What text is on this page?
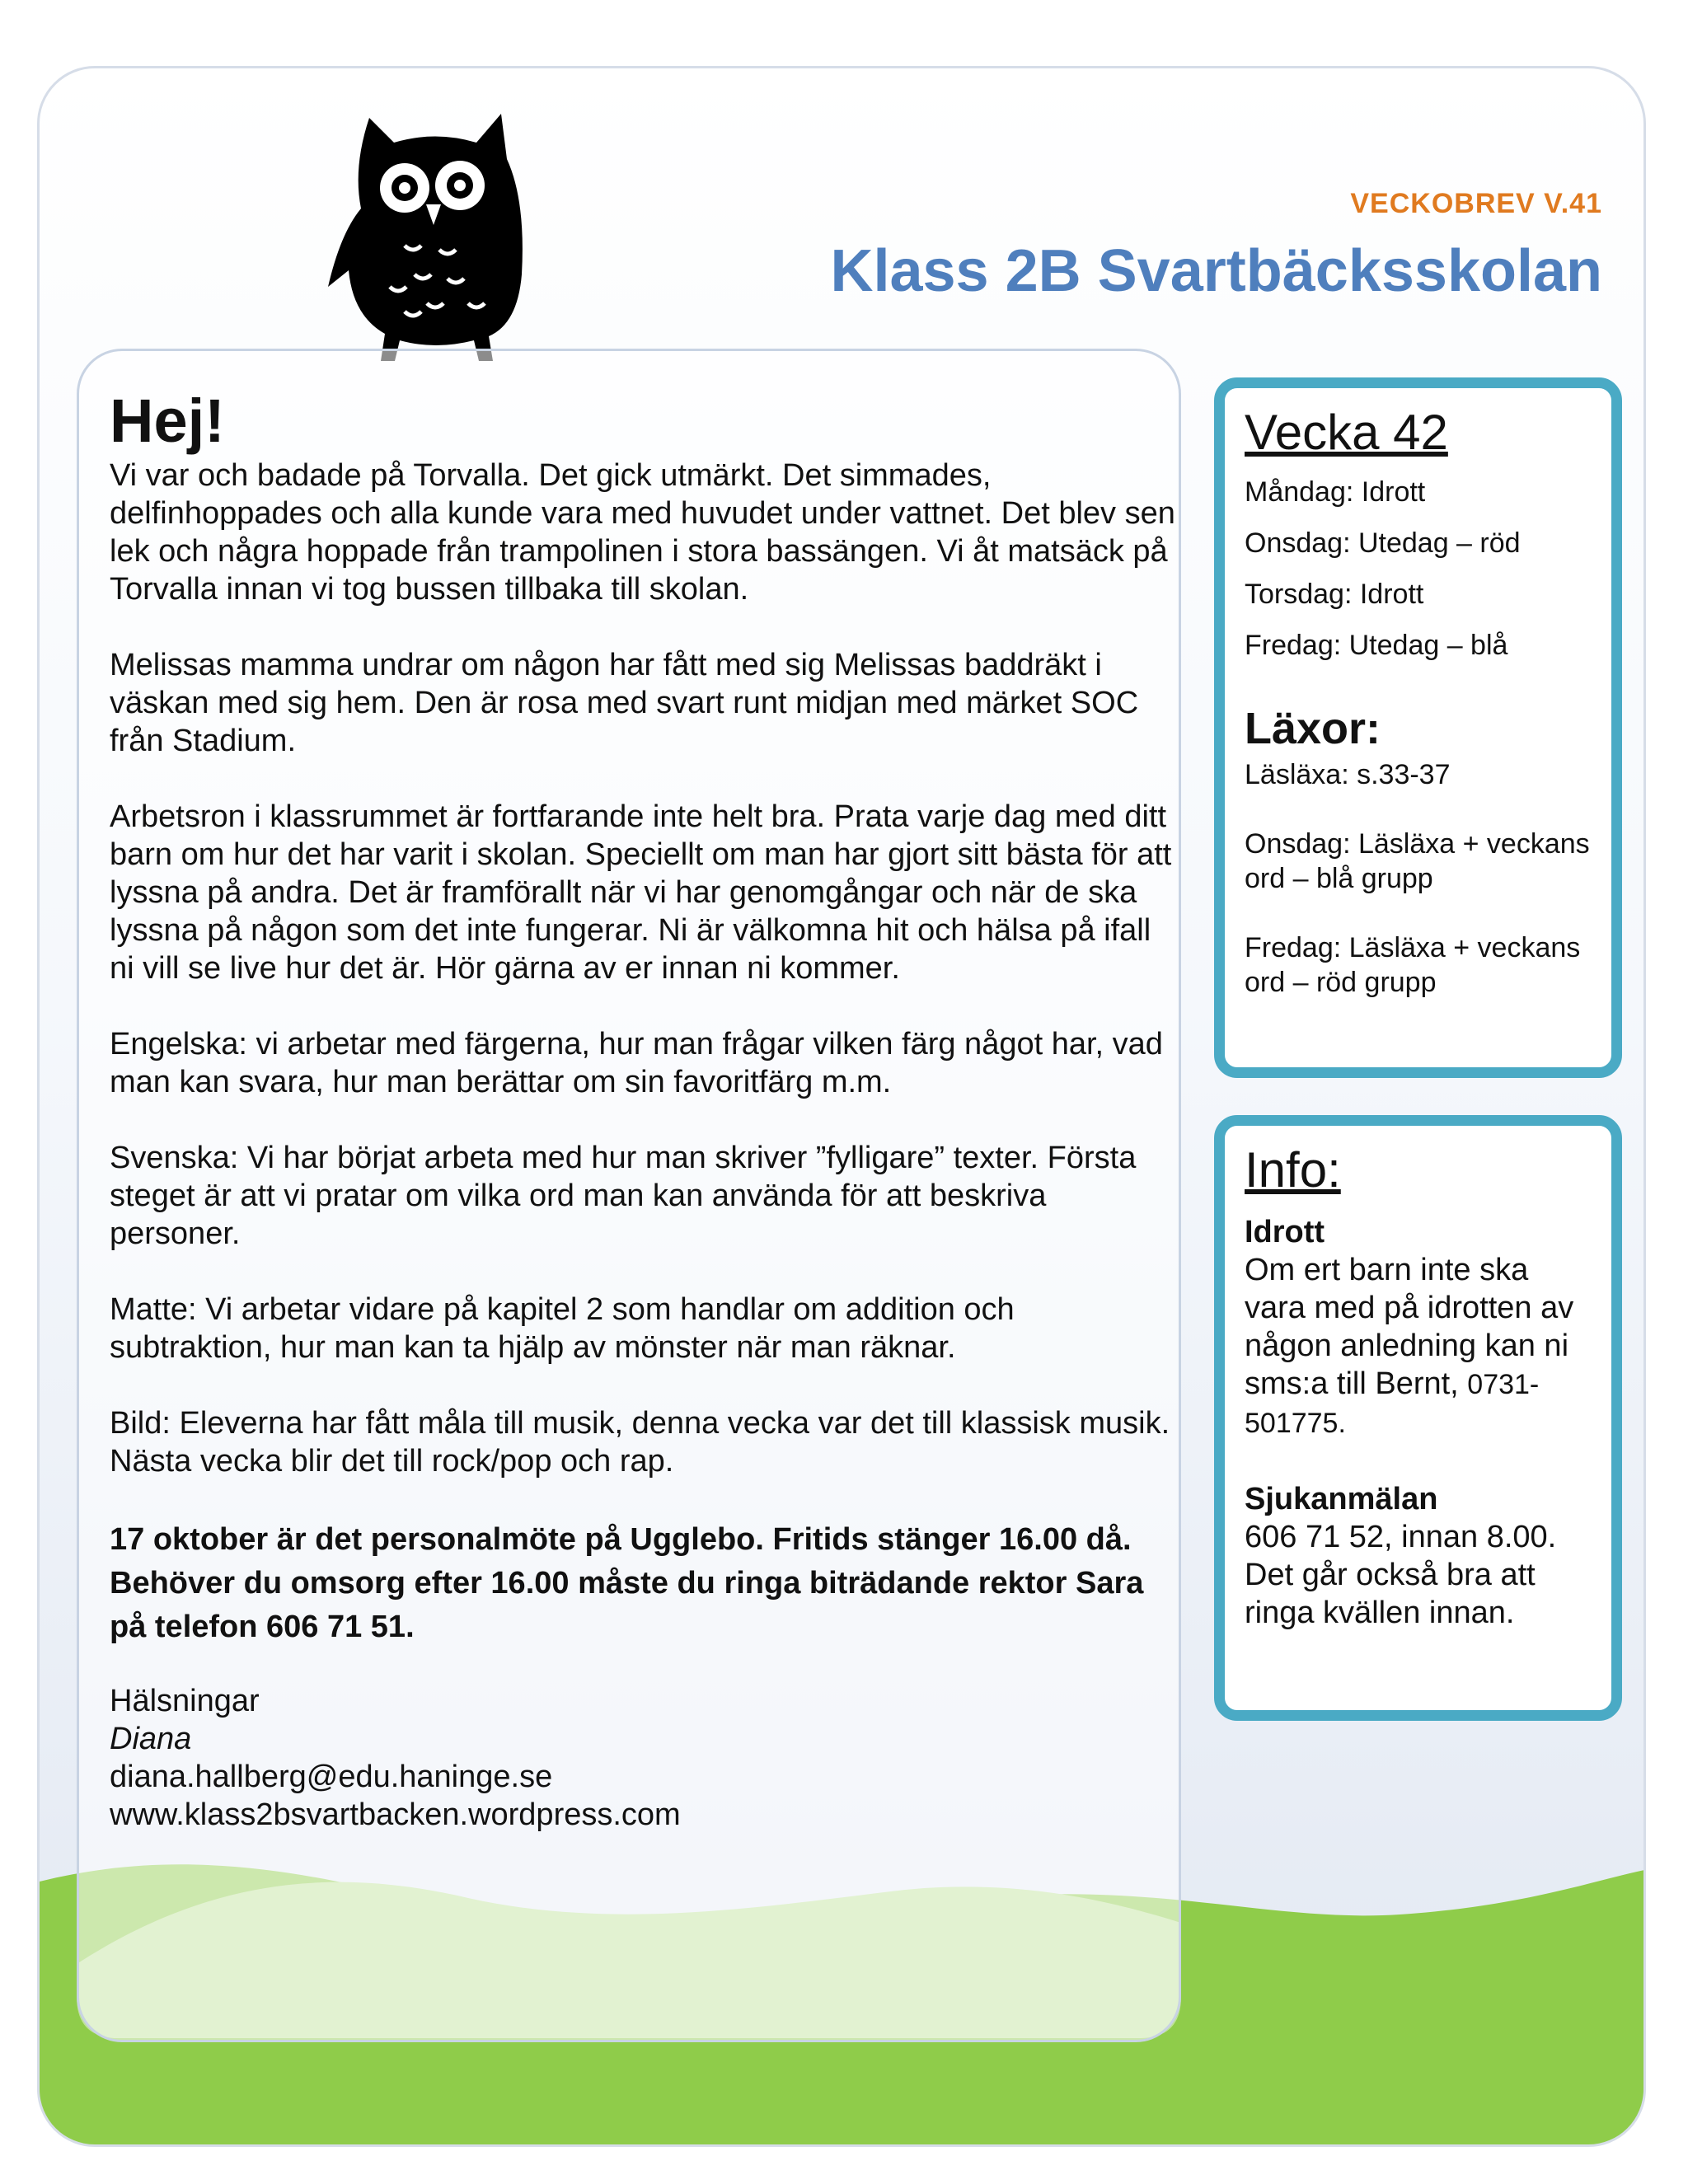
VECKOBREV V.41
Klass 2B Svartbäcksskolan
Hej!

Vi var och badade på Torvalla. Det gick utmärkt. Det simmades, delfinhoppades och alla kunde vara med huvudet under vattnet. Det blev sen lek och några hoppade från trampolinen i stora bassängen. Vi åt matsäck på Torvalla innan vi tog bussen tillbaka till skolan.

Melissas mamma undrar om någon har fått med sig Melissas baddräkt i väskan med sig hem. Den är rosa med svart runt midjan med märket SOC från Stadium.

Arbetsron i klassrummet är fortfarande inte helt bra. Prata varje dag med ditt barn om hur det har varit i skolan. Speciellt om man har gjort sitt bästa för att lyssna på andra. Det är framförallt när vi har genomgångar och när de ska lyssna på någon som det inte fungerar. Ni är välkomna hit och hälsa på ifall ni vill se live hur det är. Hör gärna av er innan ni kommer.

Engelska: vi arbetar med färgerna, hur man frågar vilken färg något har, vad man kan svara, hur man berättar om sin favoritfärg m.m.

Svenska: Vi har börjat arbeta med hur man skriver ”fylligare” texter. Första steget är att vi pratar om vilka ord man kan använda för att beskriva personer.

Matte: Vi arbetar vidare på kapitel 2 som handlar om addition och subtraktion, hur man kan ta hjälp av mönster när man räknar.

Bild: Eleverna har fått måla till musik, denna vecka var det till klassisk musik. Nästa vecka blir det till rock/pop och rap.

17 oktober är det personalmöte på Ugglebo. Fritids stänger 16.00 då. Behöver du omsorg efter 16.00 måste du ringa biträdande rektor Sara på telefon 606 71 51.

Hälsningar

Diana

diana.hallberg@edu.haninge.se

www.klass2bsvartbacken.wordpress.com

Vecka 42

Måndag: Idrott

Onsdag: Utedag – röd

Torsdag: Idrott

Fredag: Utedag – blå

Läxor:

Läsläxa: s.33-37

Onsdag: Läsläxa + veckans ord – blå grupp

Fredag: Läsläxa + veckans ord – röd grupp

Info:

Idrott

Om ert barn inte ska vara med på idrotten av någon anledning kan ni sms:a till Bernt, 0731-501775.

Sjukanmälan

606 71 52, innan 8.00. Det går också bra att ringa kvällen innan.
